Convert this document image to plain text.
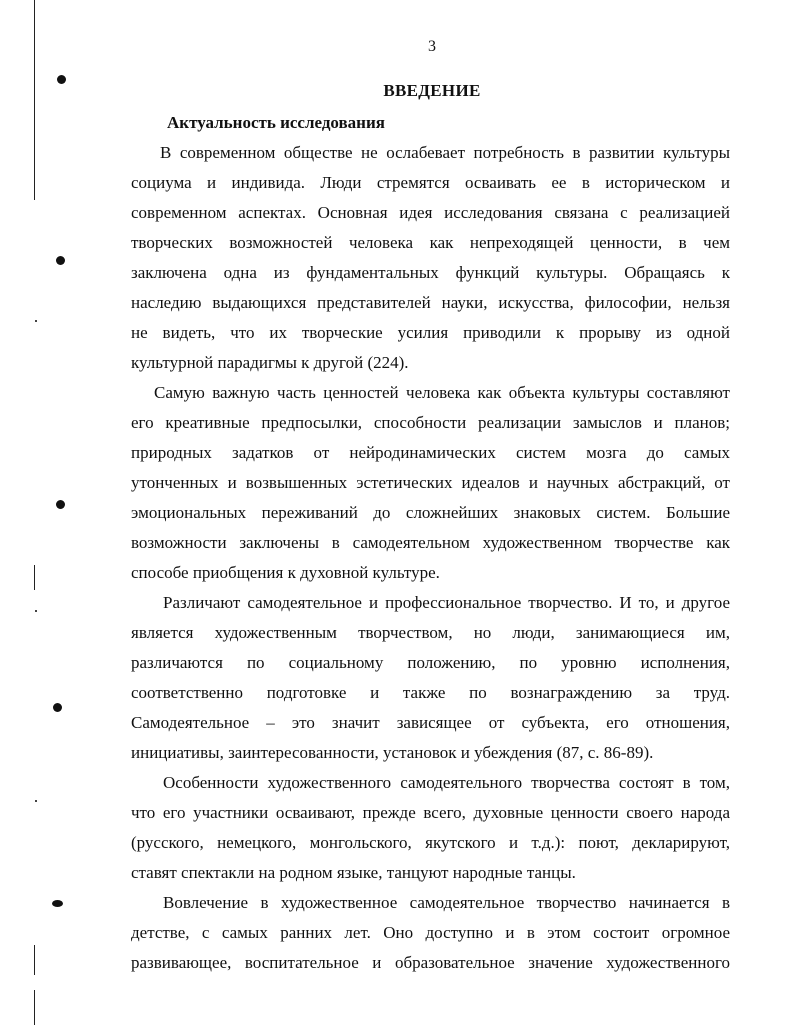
3
ВВЕДЕНИЕ
Актуальность исследования
В современном обществе не ослабевает потребность в развитии культуры
социума и индивида. Люди стремятся осваивать ее в историческом и
современном аспектах. Основная идея исследования связана с реализацией
творческих возможностей человека как непреходящей ценности, в чем
заключена одна из фундаментальных функций культуры. Обращаясь к
наследию выдающихся представителей науки, искусства, философии, нельзя
не видеть, что их творческие усилия приводили к прорыву из одной
культурной парадигмы к другой (224).
Самую важную часть ценностей человека как объекта культуры составляют
его креативные предпосылки, способности реализации замыслов и планов;
природных задатков от нейродинамических систем мозга до самых
утонченных и возвышенных эстетических идеалов и научных абстракций, от
эмоциональных переживаний до сложнейших знаковых систем. Большие
возможности заключены в самодеятельном художественном творчестве как
способе приобщения к духовной культуре.
Различают самодеятельное и профессиональное творчество. И то, и другое
является художественным творчеством, но люди, занимающиеся им,
различаются по социальному положению, по уровню исполнения,
соответственно подготовке и также по вознаграждению за труд.
Самодеятельное – это значит зависящее от субъекта, его отношения,
инициативы, заинтересованности, установок и убеждения (87, с. 86-89).
Особенности художественного самодеятельного творчества состоят в том,
что его участники осваивают, прежде всего, духовные ценности своего народа
(русского, немецкого, монгольского, якутского и т.д.): поют, декларируют,
ставят спектакли на родном языке, танцуют народные танцы.
Вовлечение в художественное самодеятельное творчество начинается в
детстве, с самых ранних лет. Оно доступно и в этом состоит огромное
развивающее, воспитательное и образовательное значение художественного
